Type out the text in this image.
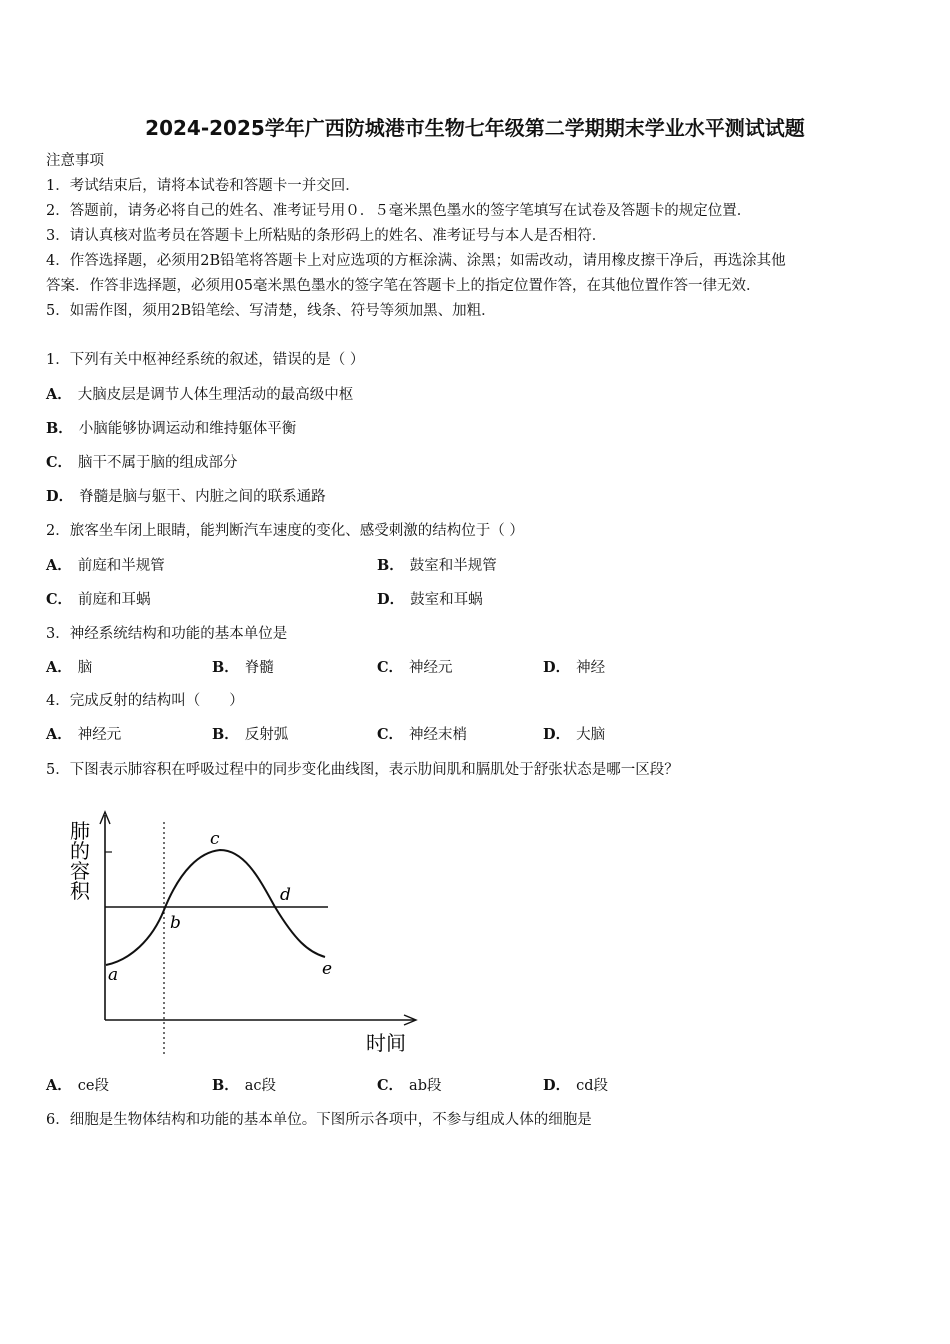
2024-2025学年广西防城港市生物七年级第二学期期末学业水平测试试题
注意事项
1．考试结束后，请将本试卷和答题卡一并交回．
2．答题前，请务必将自己的姓名、准考证号用０．５毫米黑色墨水的签字笔填写在试卷及答题卡的规定位置．
3．请认真核对监考员在答题卡上所粘贴的条形码上的姓名、准考证号与本人是否相符．
4．作答选择题，必须用2B铅笔将答题卡上对应选项的方框涂满、涂黑；如需改动，请用橡皮擦干净后，再选涂其他
答案．作答非选择题，必须用05毫米黑色墨水的签字笔在答题卡上的指定位置作答，在其他位置作答一律无效．
5．如需作图，须用2B铅笔绘、写清楚，线条、符号等须加黑、加粗．
1．下列有关中枢神经系统的叙述，错误的是（ ）
A． 大脑皮层是调节人体生理活动的最高级中枢
B． 小脑能够协调运动和维持躯体平衡
C． 脑干不属于脑的组成部分
D． 脊髓是脑与躯干、内脏之间的联系通路
2．旅客坐车闭上眼睛，能判断汽车速度的变化、感受刺激的结构位于（ ）
A． 前庭和半规管	B． 鼓室和半规管
C． 前庭和耳蜗	D． 鼓室和耳蜗
3．神经系统结构和功能的基本单位是
A． 脑	B． 脊髓	C． 神经元	D． 神经
4．完成反射的结构叫（　　）
A． 神经元	B． 反射弧	C． 神经末梢	D． 大脑
5．下图表示肺容积在呼吸过程中的同步变化曲线图，表示肋间肌和膈肌处于舒张状态是哪一区段？
肺
的
容
积
a
b
c
d
e
时间
A． ce段	B． ac段	C． ab段	D． cd段
6．细胞是生物体结构和功能的基本单位。下图所示各项中，不参与组成人体的细胞是
